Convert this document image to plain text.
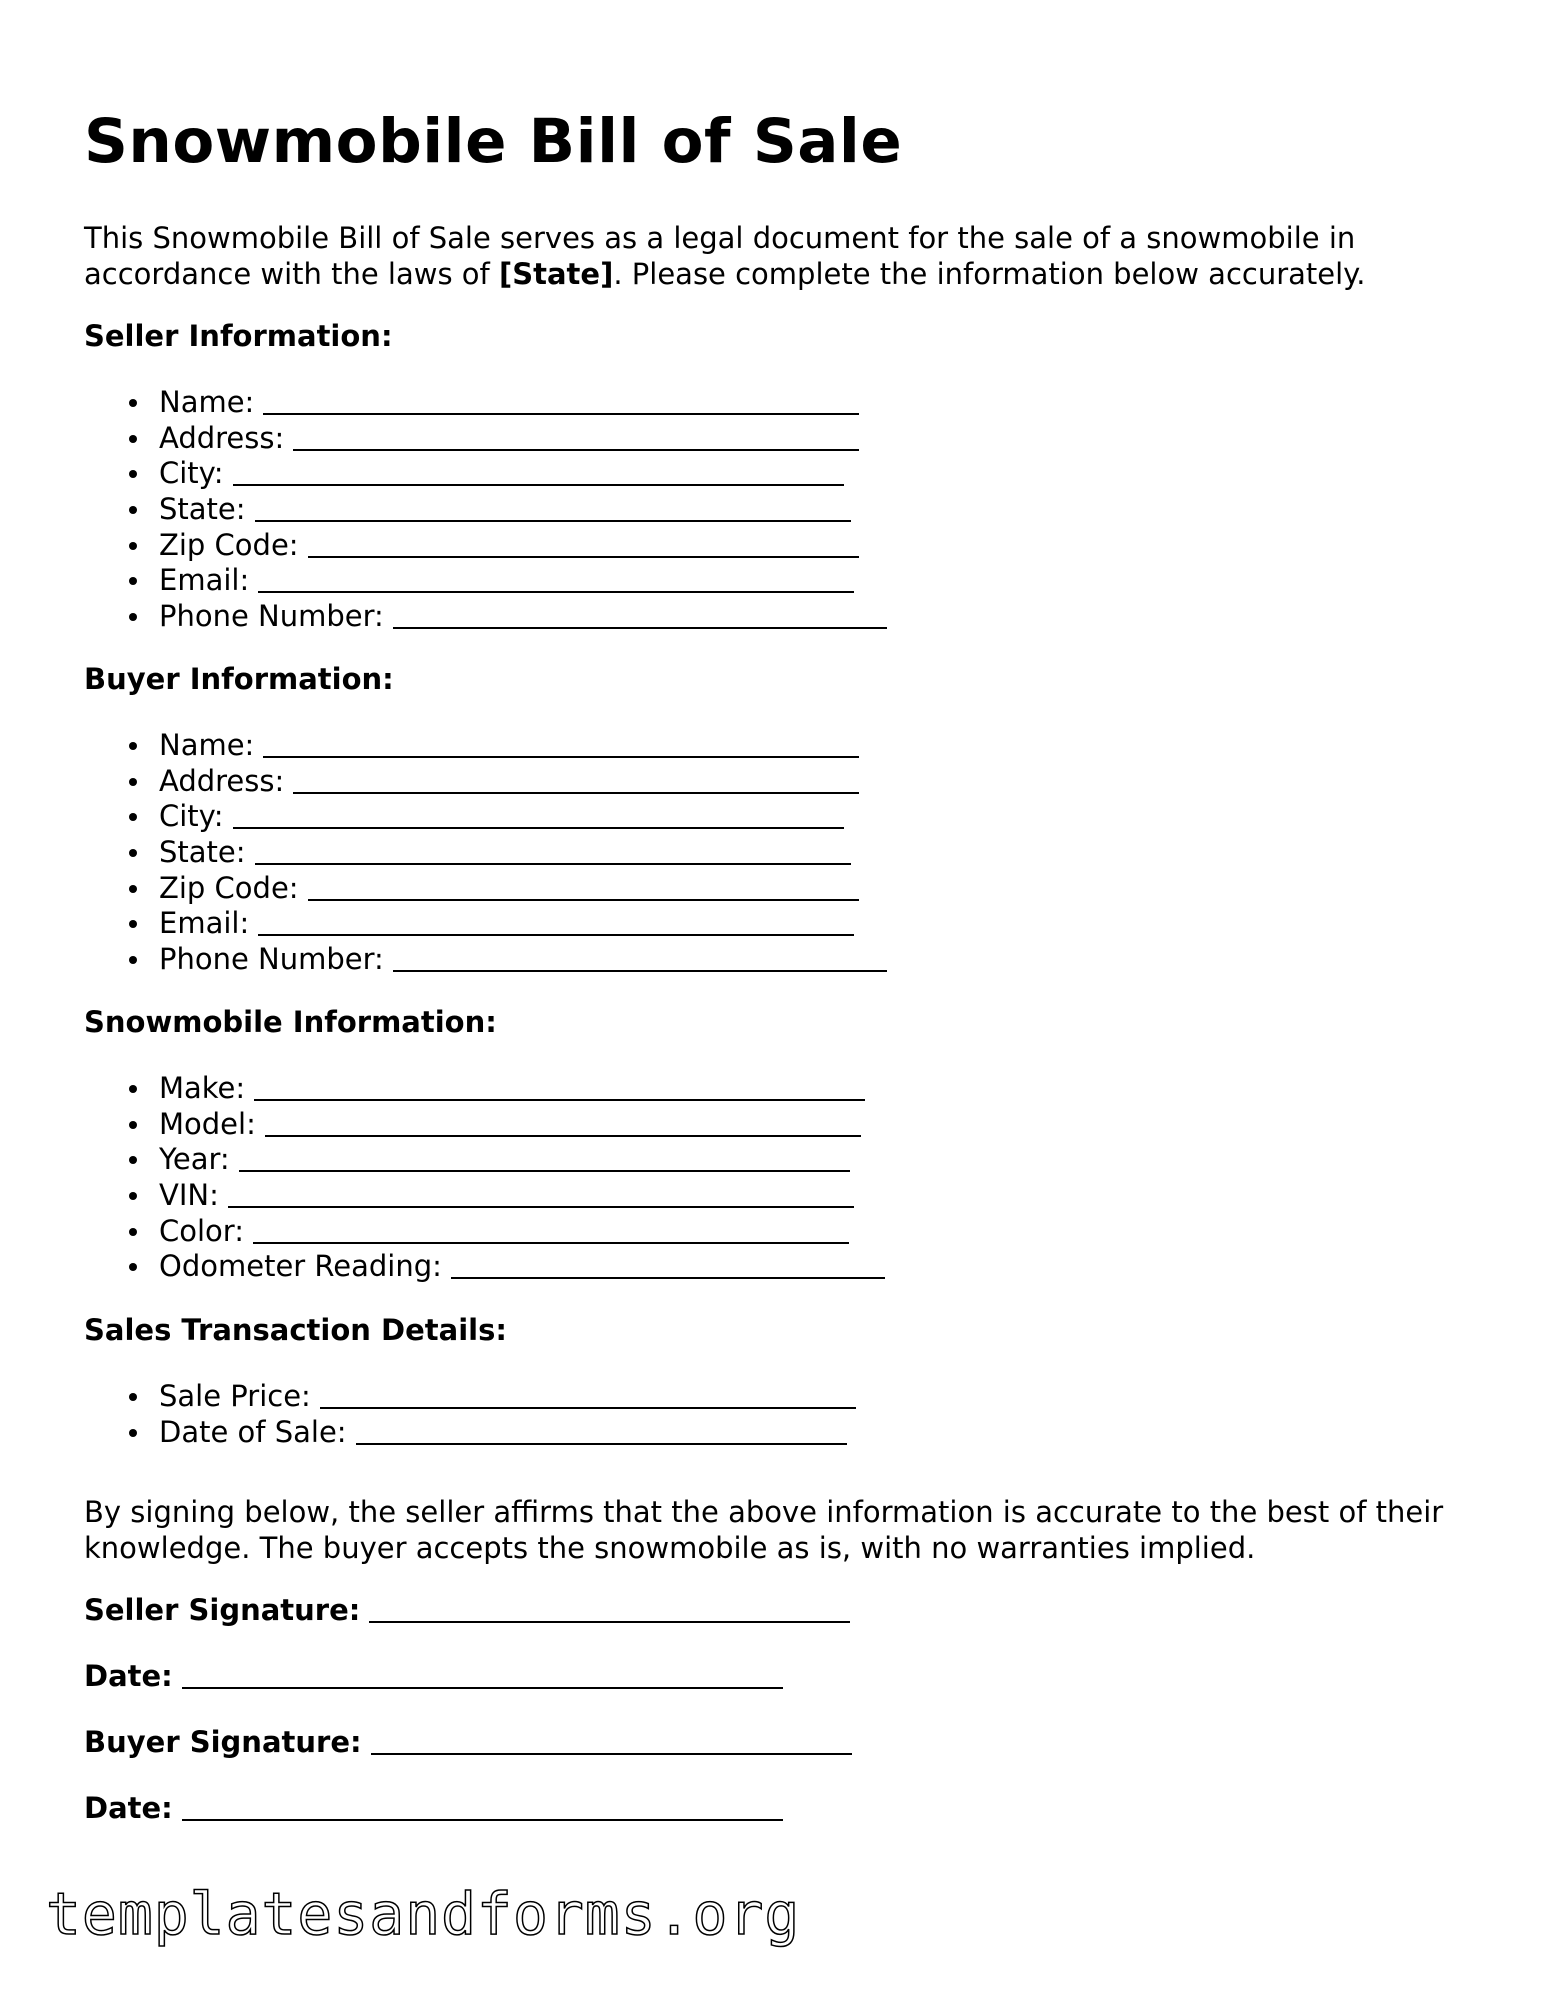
Snowmobile Bill of Sale

This Snowmobile Bill of Sale serves as a legal document for the sale of a snowmobile in accordance with the laws of [State]. Please complete the information below accurately.

Seller Information:
Name:
Address:
City:
State:
Zip Code:
Email:
Phone Number:
Buyer Information:
Name:
Address:
City:
State:
Zip Code:
Email:
Phone Number:
Snowmobile Information:
Make:
Model:
Year:
VIN:
Color:
Odometer Reading:
Sales Transaction Details:
Sale Price:
Date of Sale:

By signing below, the seller affirms that the above information is accurate to the best of their knowledge. The buyer accepts the snowmobile as is, with no warranties implied.

Seller Signature:

Date:

Buyer Signature:

Date:

templatesandforms.org
